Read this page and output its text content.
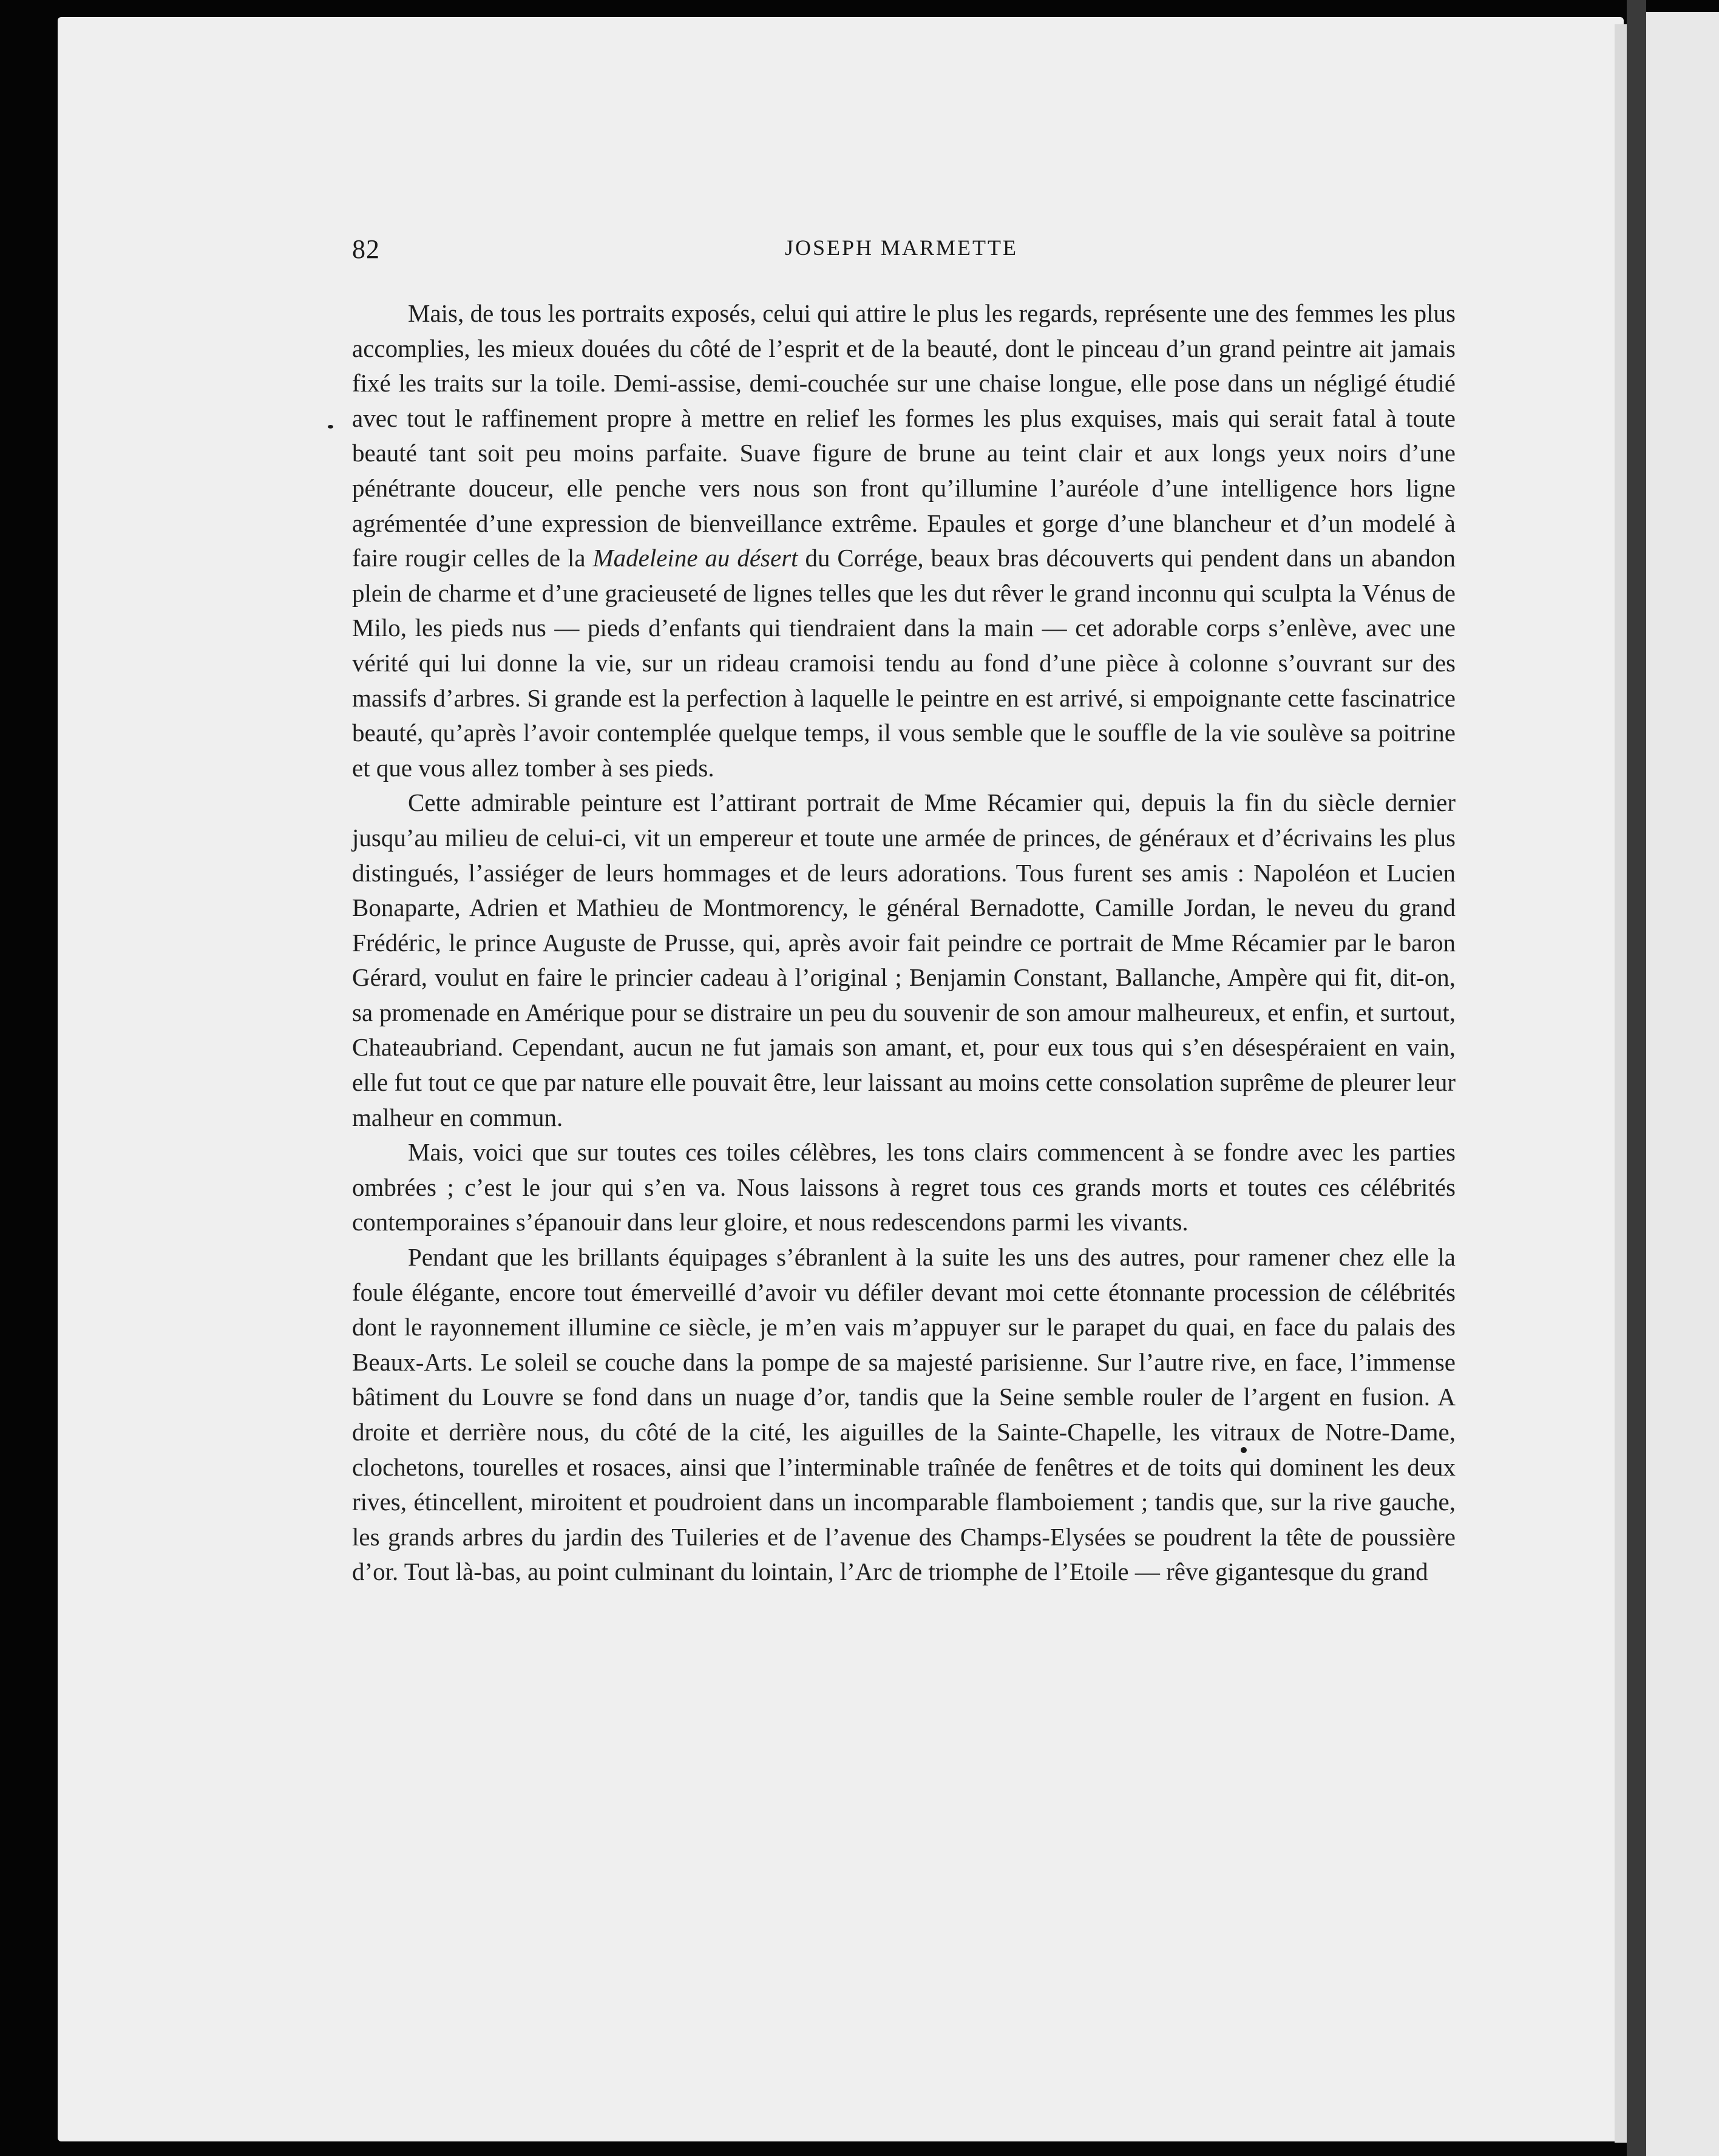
82	JOSEPH MARMETTE

Mais, de tous les portraits exposés, celui qui attire le plus les regards, représente une des femmes les plus accomplies, les mieux douées du côté de l’esprit et de la beauté, dont le pinceau d’un grand peintre ait jamais fixé les traits sur la toile. Demi-assise, demi-couchée sur une chaise longue, elle pose dans un négligé étudié avec tout le raffinement propre à mettre en relief les formes les plus exquises, mais qui serait fatal à toute beauté tant soit peu moins parfaite. Suave figure de brune au teint clair et aux longs yeux noirs d’une pénétrante douceur, elle penche vers nous son front qu’illumine l’auréole d’une intelligence hors ligne agrémentée d’une expression de bienveillance extrême. Epaules et gorge d’une blancheur et d’un modelé à faire rougir celles de la Madeleine au désert du Corrége, beaux bras découverts qui pendent dans un abandon plein de charme et d’une gracieuseté de lignes telles que les dut rêver le grand inconnu qui sculpta la Vénus de Milo, les pieds nus — pieds d’enfants qui tiendraient dans la main — cet adorable corps s’enlève, avec une vérité qui lui donne la vie, sur un rideau cramoisi tendu au fond d’une pièce à colonne s’ouvrant sur des massifs d’arbres. Si grande est la perfection à laquelle le peintre en est arrivé, si empoignante cette fascinatrice beauté, qu’après l’avoir contemplée quelque temps, il vous semble que le souffle de la vie soulève sa poitrine et que vous allez tomber à ses pieds.

Cette admirable peinture est l’attirant portrait de Mme Récamier qui, depuis la fin du siècle dernier jusqu’au milieu de celui-ci, vit un empereur et toute une armée de princes, de généraux et d’écrivains les plus distingués, l’assiéger de leurs hommages et de leurs adorations. Tous furent ses amis : Napoléon et Lucien Bonaparte, Adrien et Mathieu de Montmorency, le général Bernadotte, Camille Jordan, le neveu du grand Frédéric, le prince Auguste de Prusse, qui, après avoir fait peindre ce portrait de Mme Récamier par le baron Gérard, voulut en faire le princier cadeau à l’original ; Benjamin Constant, Ballanche, Ampère qui fit, dit-on, sa promenade en Amérique pour se distraire un peu du souvenir de son amour malheureux, et enfin, et surtout, Chateaubriand. Cependant, aucun ne fut jamais son amant, et, pour eux tous qui s’en désespéraient en vain, elle fut tout ce que par nature elle pouvait être, leur laissant au moins cette consolation suprême de pleurer leur malheur en commun.

Mais, voici que sur toutes ces toiles célèbres, les tons clairs commencent à se fondre avec les parties ombrées ; c’est le jour qui s’en va. Nous laissons à regret tous ces grands morts et toutes ces célébrités contemporaines s’épanouir dans leur gloire, et nous redescendons parmi les vivants.

Pendant que les brillants équipages s’ébranlent à la suite les uns des autres, pour ramener chez elle la foule élégante, encore tout émerveillé d’avoir vu défiler devant moi cette étonnante procession de célébrités dont le rayonnement illumine ce siècle, je m’en vais m’appuyer sur le parapet du quai, en face du palais des Beaux-Arts. Le soleil se couche dans la pompe de sa majesté parisienne. Sur l’autre rive, en face, l’immense bâtiment du Louvre se fond dans un nuage d’or, tandis que la Seine semble rouler de l’argent en fusion. A droite et derrière nous, du côté de la cité, les aiguilles de la Sainte-Chapelle, les vitraux de Notre-Dame, clochetons, tourelles et rosaces, ainsi que l’interminable traînée de fenêtres et de toits qui dominent les deux rives, étincellent, miroitent et poudroient dans un incomparable flamboiement ; tandis que, sur la rive gauche, les grands arbres du jardin des Tuileries et de l’avenue des Champs-Elysées se poudrent la tête de poussière d’or. Tout là-bas, au point culminant du lointain, l’Arc de triomphe de l’Etoile — rêve gigantesque du grand
